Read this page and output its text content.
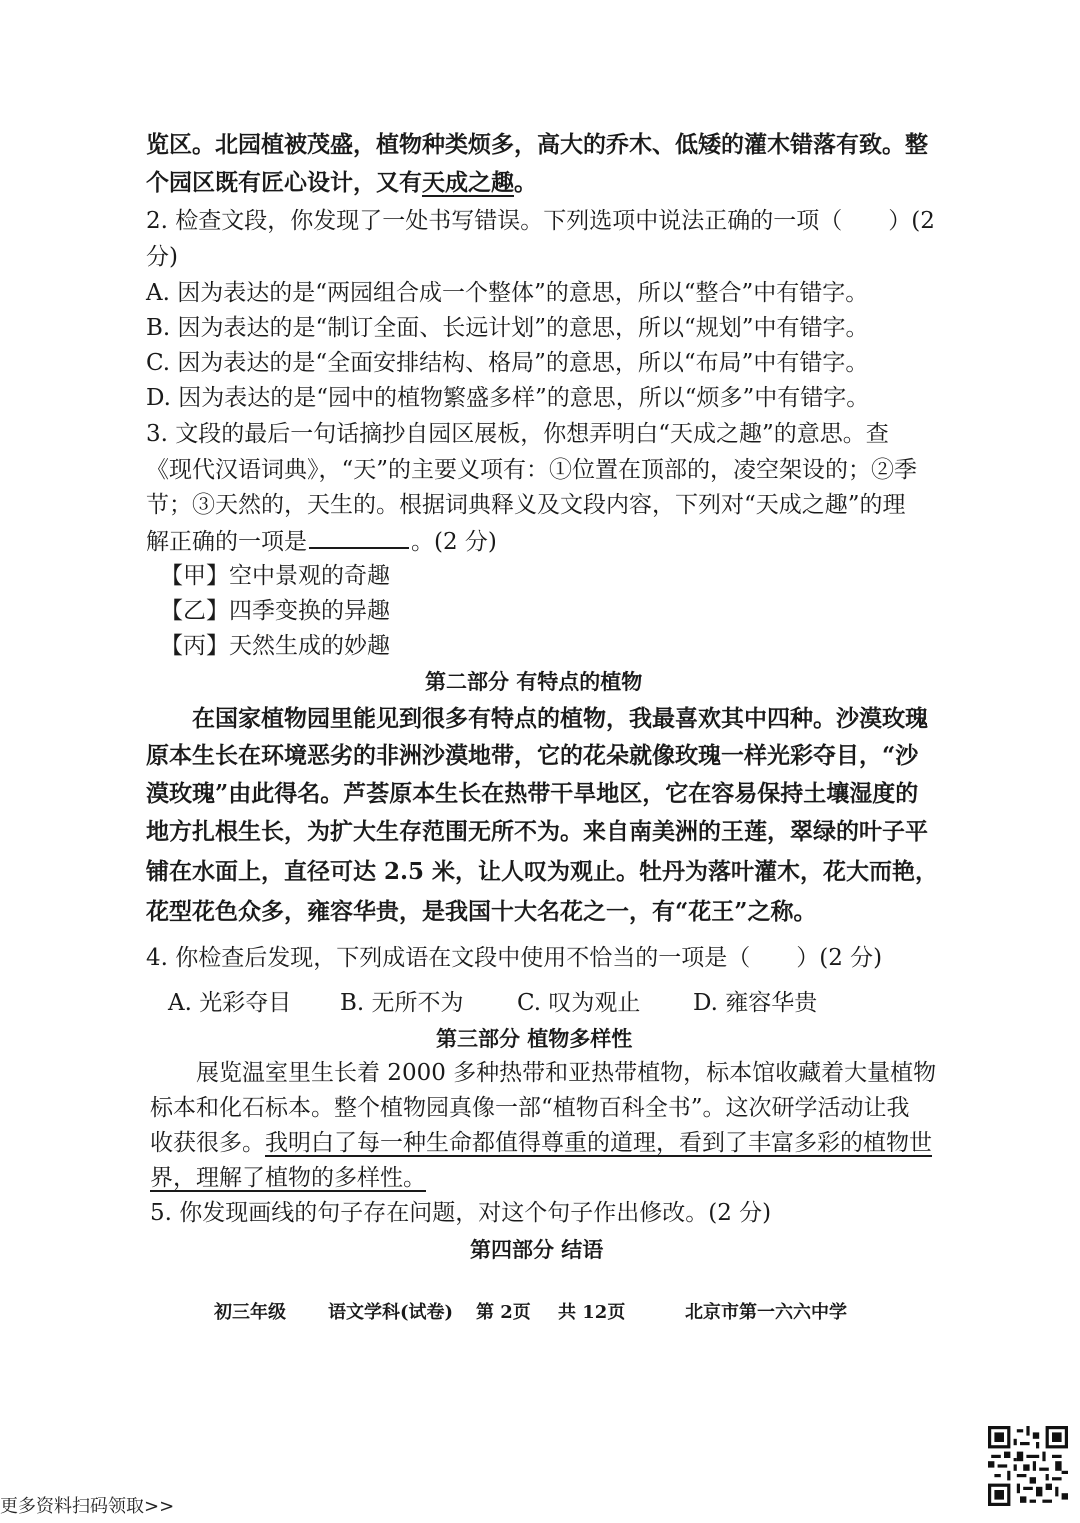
览区。北园植被茂盛，植物种类烦多，高大的乔木、低矮的灌木错落有致。整
个园区既有匠心设计，又有天成之趣。
2. 检查文段，你发现了一处书写错误。下列选项中说法正确的一项（　　）(2
分)
A. 因为表达的是“两园组合成一个整体”的意思，所以“整合”中有错字。
B. 因为表达的是“制订全面、长远计划”的意思，所以“规划”中有错字。
C. 因为表达的是“全面安排结构、格局”的意思，所以“布局”中有错字。
D. 因为表达的是“园中的植物繁盛多样”的意思，所以“烦多”中有错字。
3. 文段的最后一句话摘抄自园区展板，你想弄明白“天成之趣”的意思。查
《现代汉语词典》，“天”的主要义项有：①位置在顶部的，凌空架设的；②季
节；③天然的，天生的。根据词典释义及文段内容，下列对“天成之趣”的理
解正确的一项是	。(2 分)
【甲】空中景观的奇趣
【乙】四季变换的异趣
【丙】天然生成的妙趣
第二部分 有特点的植物
　　在国家植物园里能见到很多有特点的植物，我最喜欢其中四种。沙漠玫瑰
原本生长在环境恶劣的非洲沙漠地带，它的花朵就像玫瑰一样光彩夺目，“沙
漠玫瑰”由此得名。芦荟原本生长在热带干旱地区，它在容易保持土壤湿度的
地方扎根生长，为扩大生存范围无所不为。来自南美洲的王莲，翠绿的叶子平
铺在水面上，直径可达 2.5 米，让人叹为观止。牡丹为落叶灌木，花大而艳，
花型花色众多，雍容华贵，是我国十大名花之一，有“花王”之称。
4. 你检查后发现，下列成语在文段中使用不恰当的一项是（　　）(2 分)
A. 光彩夺目 B. 无所不为 C. 叹为观止 D. 雍容华贵
第三部分 植物多样性
　　展览温室里生长着 2000 多种热带和亚热带植物，标本馆收藏着大量植物
标本和化石标本。整个植物园真像一部“植物百科全书”。这次研学活动让我
收获很多。我明白了每一种生命都值得尊重的道理，看到了丰富多彩的植物世
界，理解了植物的多样性。
5. 你发现画线的句子存在问题，对这个句子作出修改。(2 分)
第四部分 结语
初三年级 语文学科(试卷) 第 2页 共 12页	北京市第一六六中学
更多资料扫码领取>>
